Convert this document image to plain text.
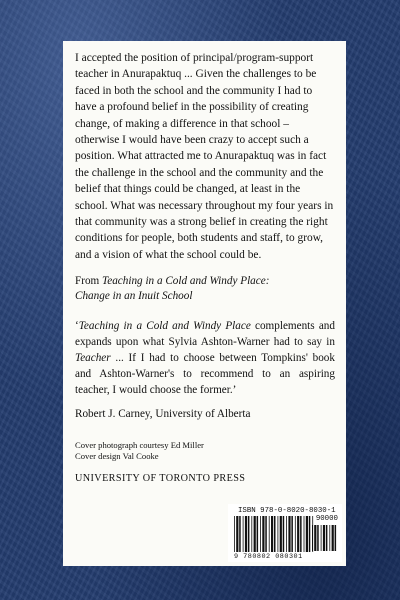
I accepted the position of principal/program-support teacher in Anurapaktuq ... Given the challenges to be faced in both the school and the community I had to have a profound belief in the possibility of creating change, of making a difference in that school – otherwise I would have been crazy to accept such a position. What attracted me to Anurapaktuq was in fact the challenge in the school and the community and the belief that things could be changed, at least in the school. What was necessary throughout my four years in that community was a strong belief in creating the right conditions for people, both students and staff, to grow, and a vision of what the school could be.

From Teaching in a Cold and Windy Place:
Change in an Inuit School

‘Teaching in a Cold and Windy Place complements and expands upon what Sylvia Ashton-Warner had to say in Teacher ... If I had to choose between Tompkins' book and Ashton-Warner's to recommend to an aspiring teacher, I would choose the former.’

Robert J. Carney, University of Alberta

Cover photograph courtesy Ed Miller
Cover design Val Cooke
UNIVERSITY OF TORONTO PRESS
ISBN 978-0-8020-8030-1
90000
9 780802 080301
